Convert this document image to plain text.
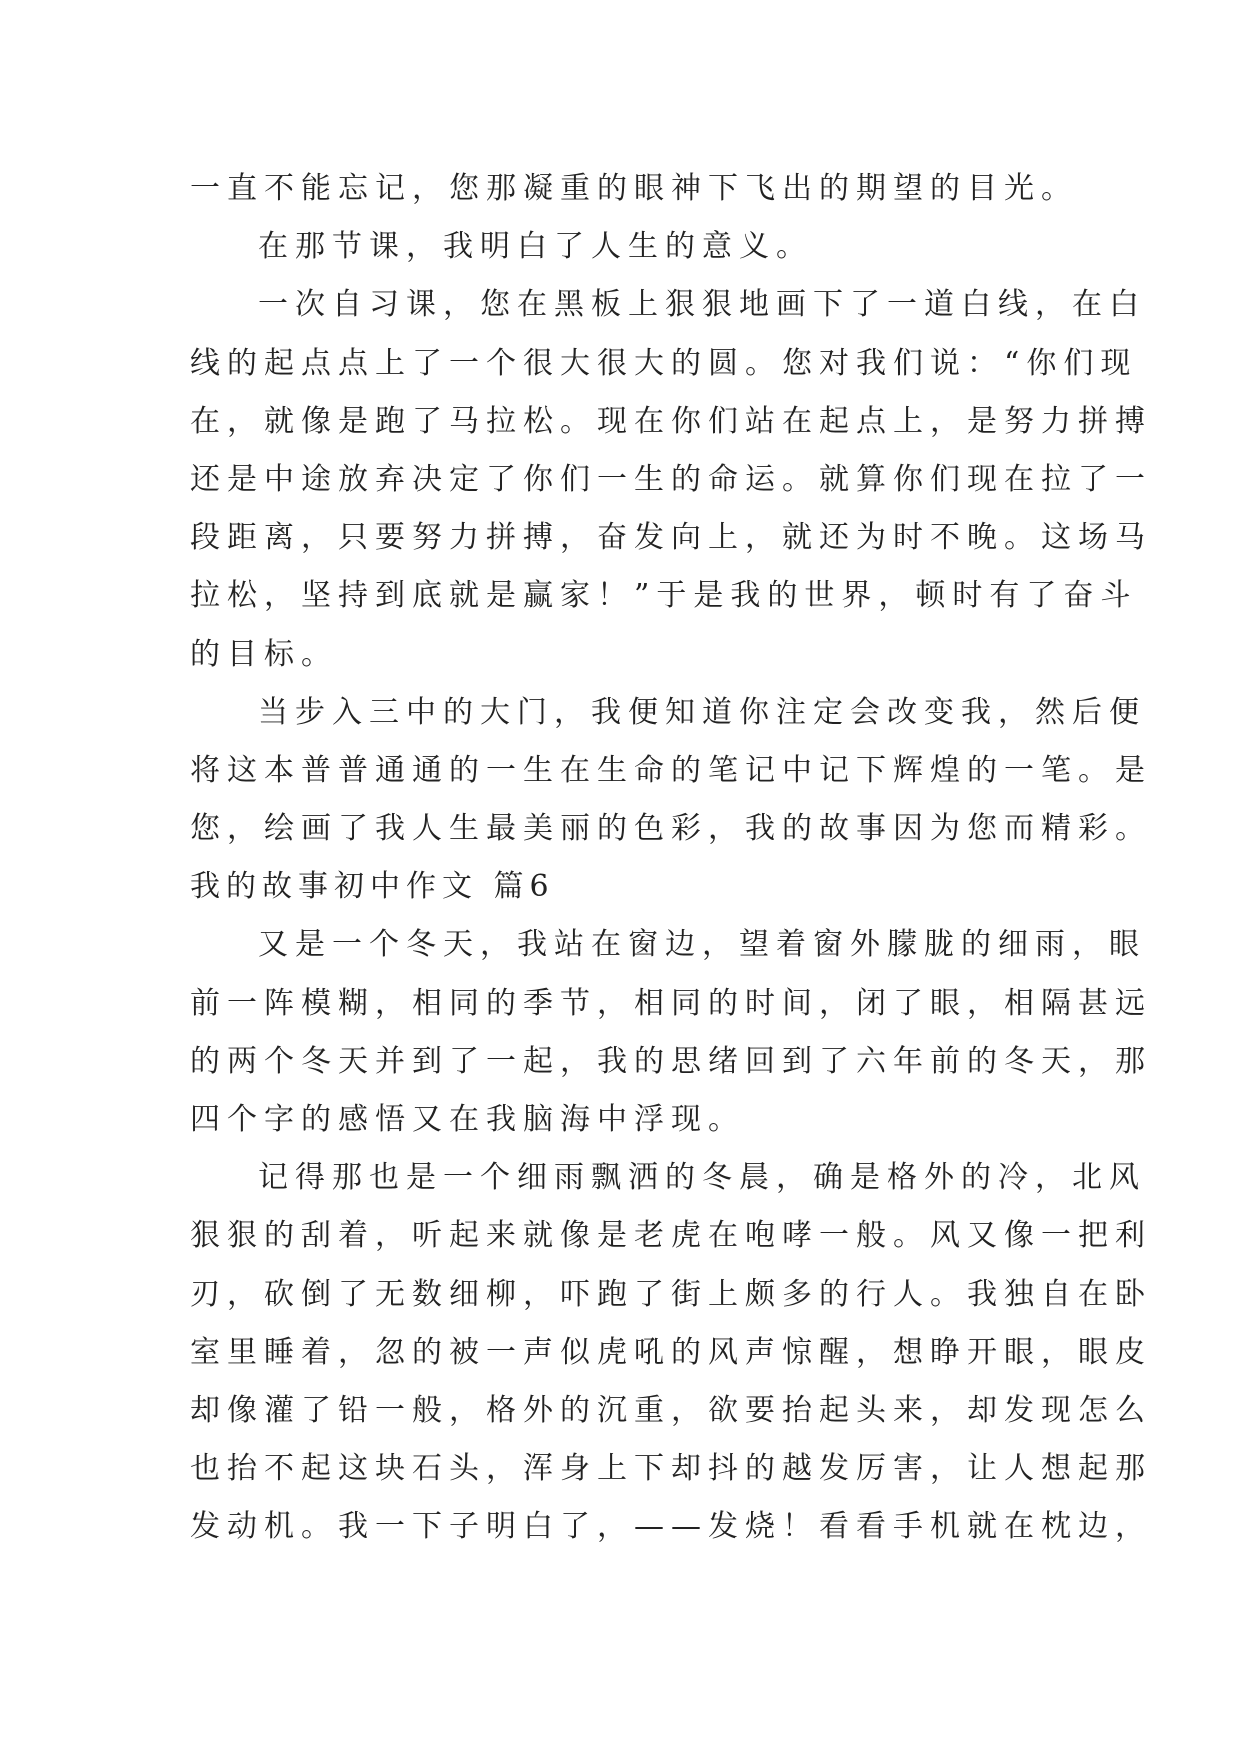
一直不能忘记，您那凝重的眼神下飞出的期望的目光。
在那节课，我明白了人生的意义。
一次自习课，您在黑板上狠狠地画下了一道白线，在白
线的起点点上了一个很大很大的圆。您对我们说：“你们现
在，就像是跑了马拉松。现在你们站在起点上，是努力拼搏
还是中途放弃决定了你们一生的命运。就算你们现在拉了一
段距离，只要努力拼搏，奋发向上，就还为时不晚。这场马
拉松，坚持到底就是赢家！”于是我的世界，顿时有了奋斗
的目标。
当步入三中的大门，我便知道你注定会改变我，然后便
将这本普普通通的一生在生命的笔记中记下辉煌的一笔。是
您，绘画了我人生最美丽的色彩，我的故事因为您而精彩。
我的故事初中作文 篇6
又是一个冬天，我站在窗边，望着窗外朦胧的细雨，眼
前一阵模糊，相同的季节，相同的时间，闭了眼，相隔甚远
的两个冬天并到了一起，我的思绪回到了六年前的冬天，那
四个字的感悟又在我脑海中浮现。
记得那也是一个细雨飘洒的冬晨，确是格外的冷，北风
狠狠的刮着，听起来就像是老虎在咆哮一般。风又像一把利
刃，砍倒了无数细柳，吓跑了街上颇多的行人。我独自在卧
室里睡着，忽的被一声似虎吼的风声惊醒，想睁开眼，眼皮
却像灌了铅一般，格外的沉重，欲要抬起头来，却发现怎么
也抬不起这块石头，浑身上下却抖的越发厉害，让人想起那
发动机。我一下子明白了，——发烧！看看手机就在枕边，
